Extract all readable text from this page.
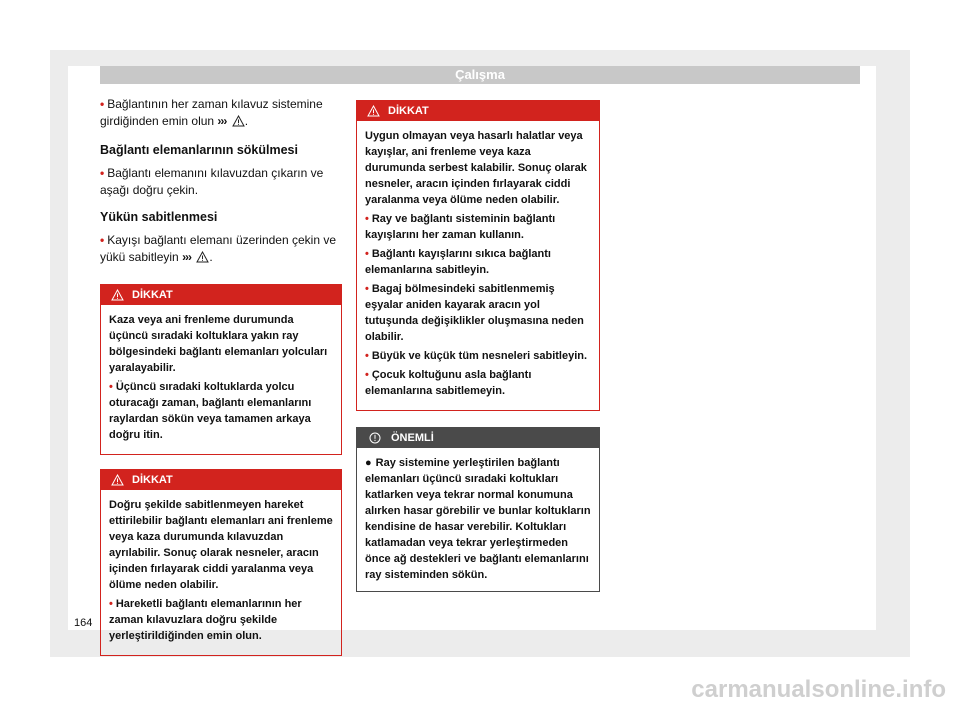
Çalışma

• Bağlantının her zaman kılavuz sistemine girdiğinden emin olun ››› .

Bağlantı elemanlarının sökülmesi

• Bağlantı elemanını kılavuzdan çıkarın ve aşağı doğru çekin.

Yükün sabitlenmesi

• Kayışı bağlantı elemanı üzerinden çekin ve yükü sabitleyin ››› .

DİKKAT
Kaza veya ani frenleme durumunda üçüncü sıradaki koltuklara yakın ray bölgesindeki bağlantı elemanları yolcuları yaralayabilir.
• Üçüncü sıradaki koltuklarda yolcu oturacağı zaman, bağlantı elemanlarını raylardan sökün veya tamamen arkaya doğru itin.
DİKKAT
Doğru şekilde sabitlenmeyen hareket ettirilebilir bağlantı elemanları ani frenleme veya kaza durumunda kılavuzdan ayrılabilir. Sonuç olarak nesneler, aracın içinden fırlayarak ciddi yaralanma veya ölüme neden olabilir.
• Hareketli bağlantı elemanlarının her zaman kılavuzlara doğru şekilde yerleştirildiğinden emin olun.
DİKKAT
Uygun olmayan veya hasarlı halatlar veya kayışlar, ani frenleme veya kaza durumunda serbest kalabilir. Sonuç olarak nesneler, aracın içinden fırlayarak ciddi yaralanma veya ölüme neden olabilir.
• Ray ve bağlantı sisteminin bağlantı kayışlarını her zaman kullanın.
• Bağlantı kayışlarını sıkıca bağlantı elemanlarına sabitleyin.
• Bagaj bölmesindeki sabitlenmemiş eşyalar aniden kayarak aracın yol tutuşunda değişiklikler oluşmasına neden olabilir.
• Büyük ve küçük tüm nesneleri sabitleyin.
• Çocuk koltuğunu asla bağlantı elemanlarına sabitlemeyin.
ÖNEMLİ
● Ray sistemine yerleştirilen bağlantı elemanları üçüncü sıradaki koltukları katlarken veya tekrar normal konumuna alırken hasar görebilir ve bunlar koltukların kendisine de hasar verebilir. Koltukları katlamadan veya tekrar yerleştirmeden önce ağ destekleri ve bağlantı elemanlarını ray sisteminden sökün.
164
carmanualsonline.info
